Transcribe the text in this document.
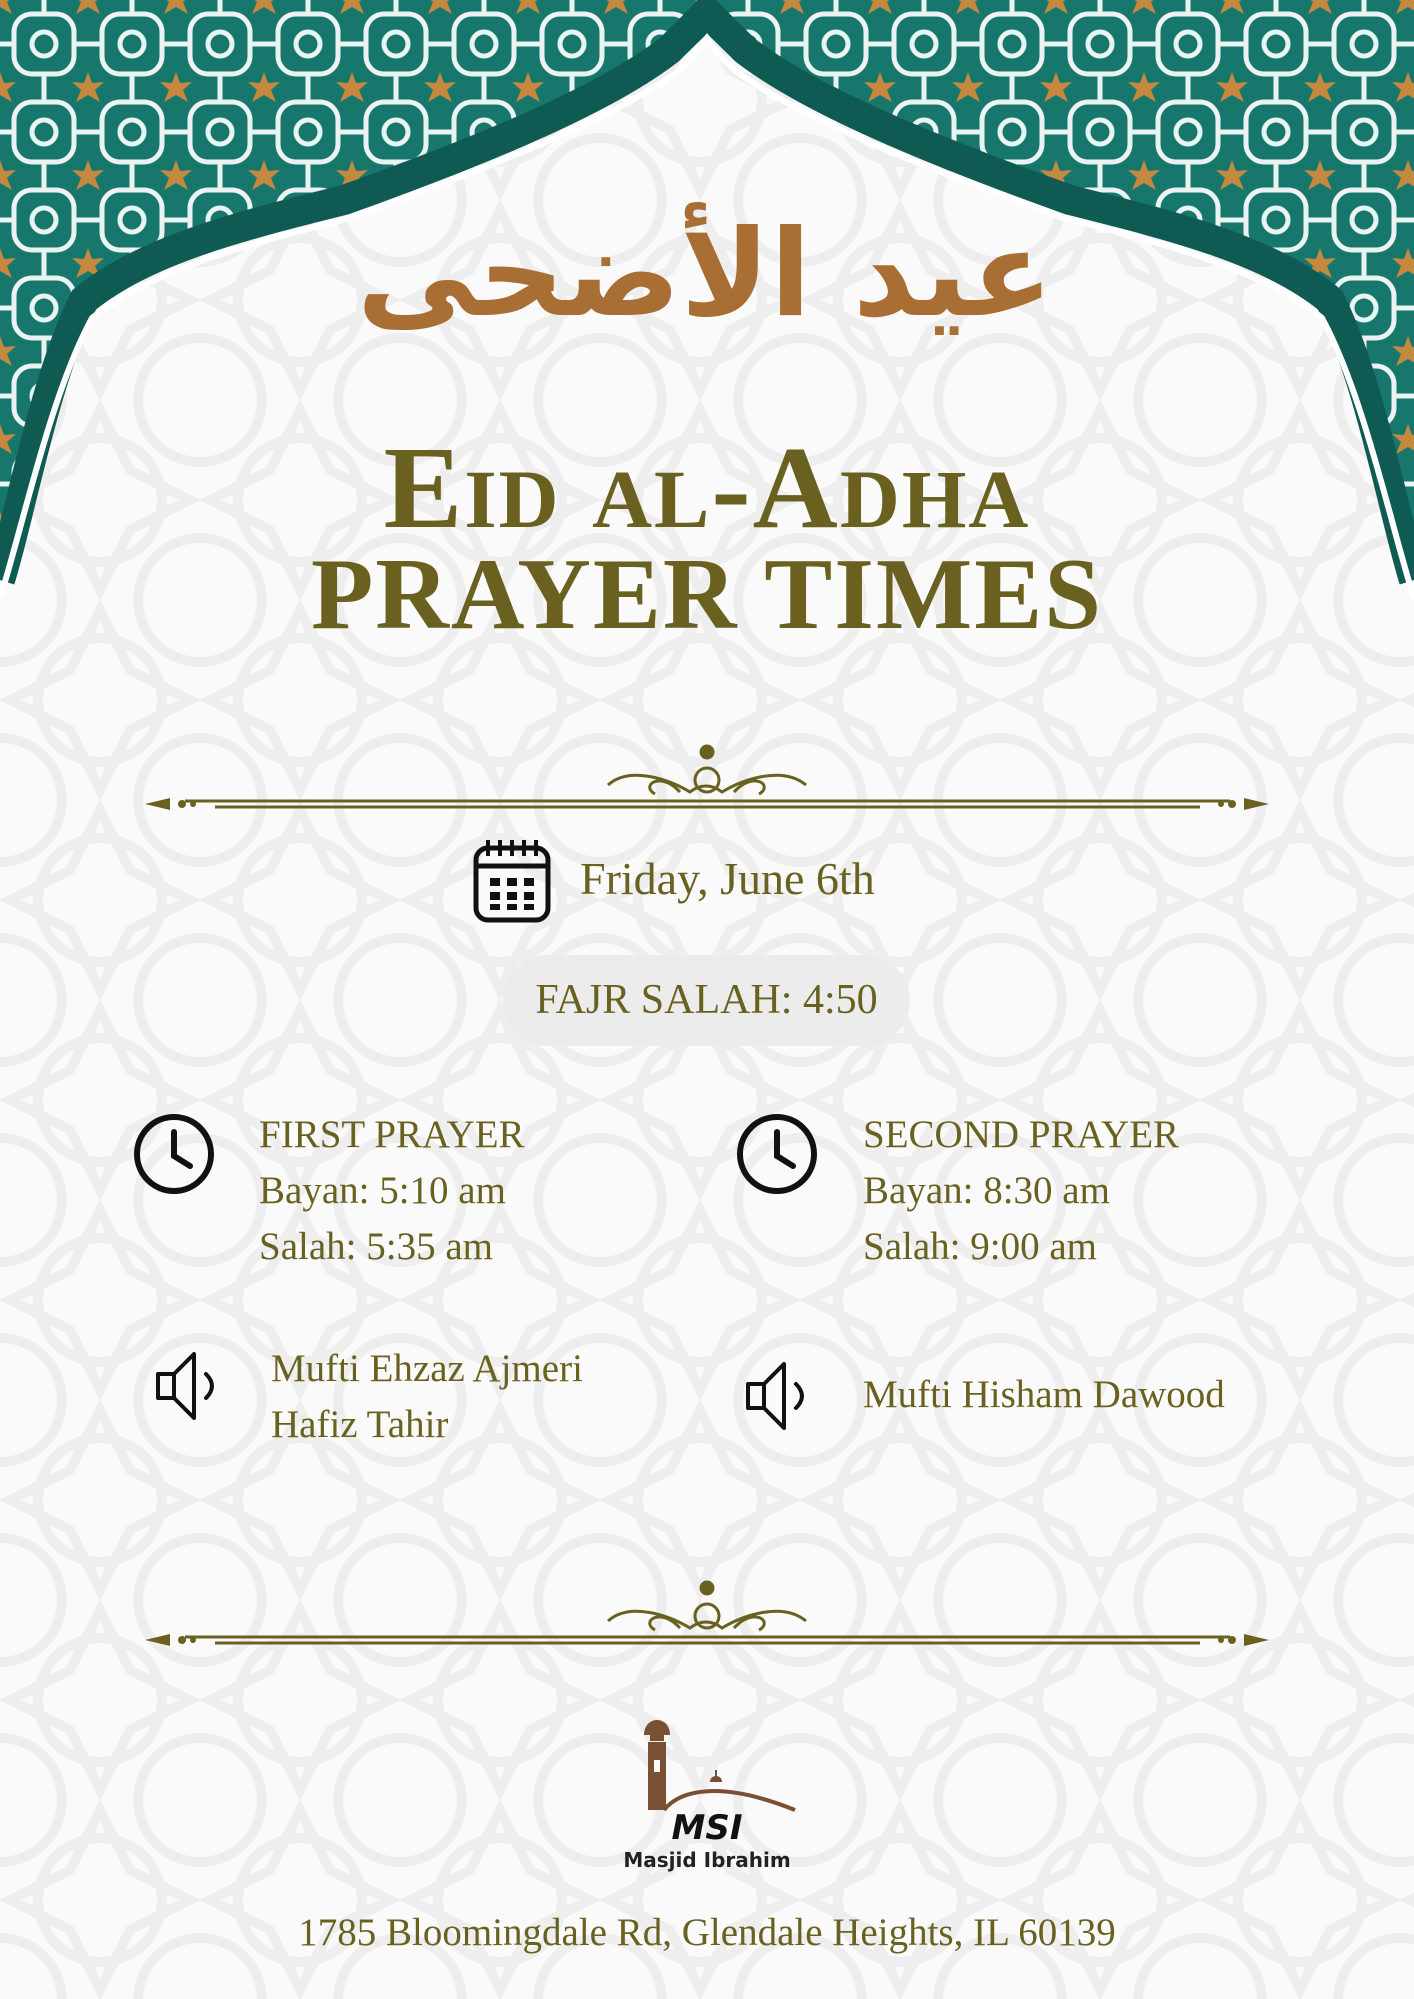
عيد الأضحى
Eid al-Adha
PRAYER TIMES
Friday, June 6th
FAJR SALAH: 4:50
FIRST PRAYER
Bayan: 5:10 am
Salah: 5:35 am
SECOND PRAYER
Bayan: 8:30 am
Salah: 9:00 am
Mufti Ehzaz Ajmeri
Hafiz Tahir
Mufti Hisham Dawood
MSI
Masjid Ibrahim
1785 Bloomingdale Rd, Glendale Heights, IL 60139
